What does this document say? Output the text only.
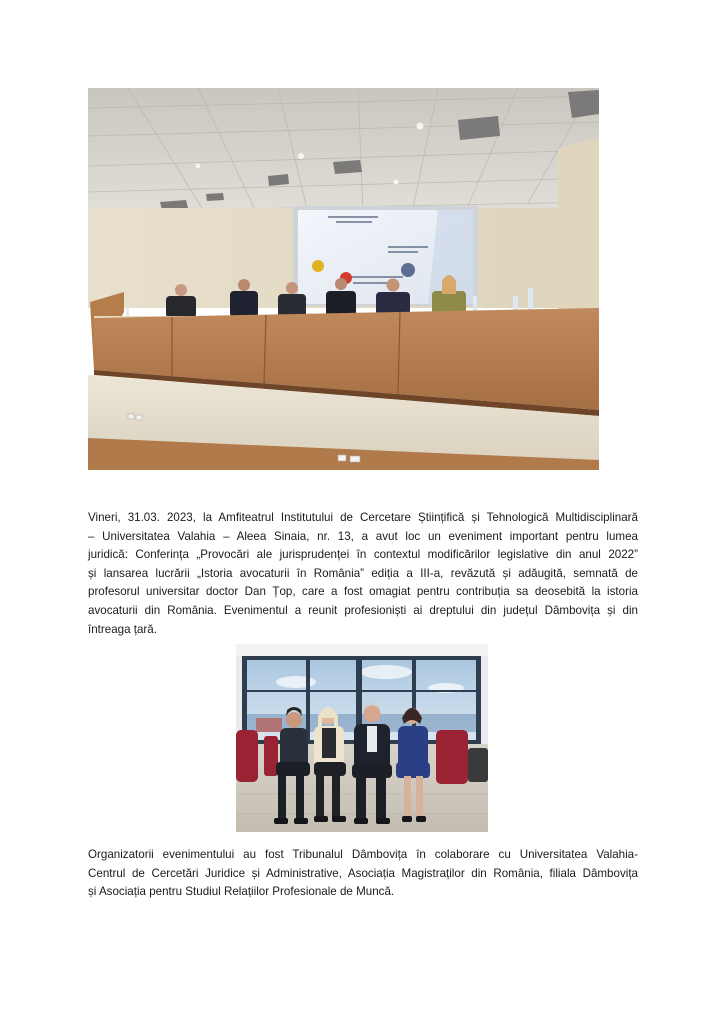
Vineri, 31.03. 2023, la Amfiteatrul Institutului de Cercetare Științifică și Tehnologică Multidisciplinară
– Universitatea Valahia – Aleea Sinaia, nr. 13, a avut loc un eveniment important pentru lumea
juridică: Conferința „Provocări ale jurisprudenței în contextul modificărilor legislative din anul 2022”
și lansarea lucrării „Istoria avocaturii în România” ediția a III-a, revăzută și adăugită, semnată de
profesorul universitar doctor Dan Țop, care a fost omagiat pentru contribuția sa deosebită la istoria
avocaturii din România. Evenimentul a reunit profesioniști ai dreptului din județul Dâmbovița și din
întreaga țară.
Organizatorii evenimentului au fost Tribunalul Dâmbovița în colaborare cu Universitatea Valahia-
Centrul de Cercetări Juridice și Administrative, Asociația Magistraților din România, filiala Dâmbovița
și Asociația pentru Studiul Relațiilor Profesionale de Muncă.
